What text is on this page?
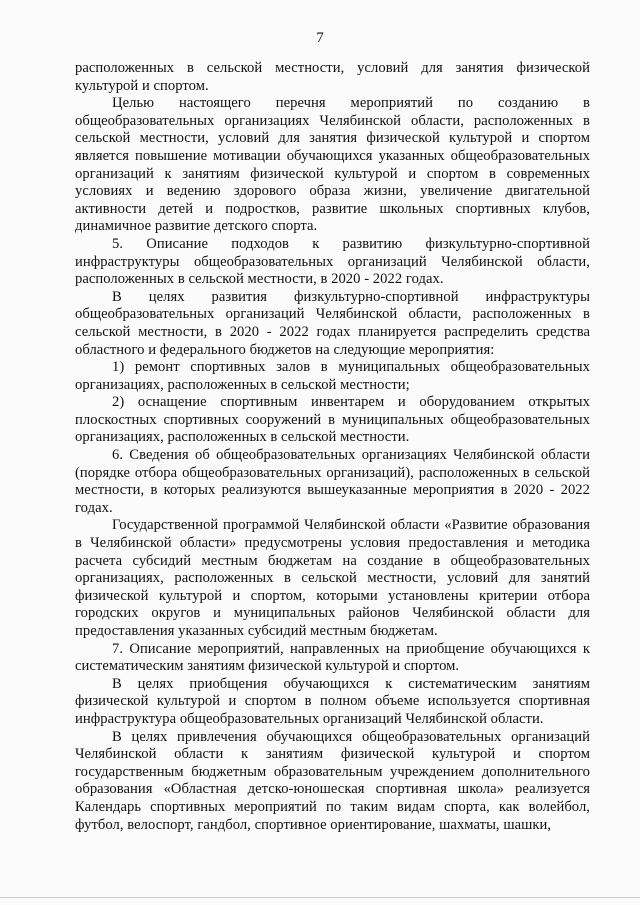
7

расположенных в сельской местности, условий для занятия физической культурой и спортом.

Целью настоящего перечня мероприятий по созданию в общеобразовательных организациях Челябинской области, расположенных в сельской местности, условий для занятия физической культурой и спортом является повышение мотивации обучающихся указанных общеобразовательных организаций к занятиям физической культурой и спортом в современных условиях и ведению здорового образа жизни, увеличение двигательной активности детей и подростков, развитие школьных спортивных клубов, динамичное развитие детского спорта.

5. Описание подходов к развитию физкультурно-спортивной инфраструктуры общеобразовательных организаций Челябинской области, расположенных в сельской местности, в 2020 - 2022 годах.

В целях развития физкультурно-спортивной инфраструктуры общеобразовательных организаций Челябинской области, расположенных в сельской местности, в 2020 - 2022 годах планируется распределить средства областного и федерального бюджетов на следующие мероприятия:

1) ремонт спортивных залов в муниципальных общеобразовательных организациях, расположенных в сельской местности;

2) оснащение спортивным инвентарем и оборудованием открытых плоскостных спортивных сооружений в муниципальных общеобразовательных организациях, расположенных в сельской местности.

6. Сведения об общеобразовательных организациях Челябинской области (порядке отбора общеобразовательных организаций), расположенных в сельской местности, в которых реализуются вышеуказанные мероприятия в 2020 - 2022 годах.

Государственной программой Челябинской области «Развитие образования в Челябинской области» предусмотрены условия предоставления и методика расчета субсидий местным бюджетам на создание в общеобразовательных организациях, расположенных в сельской местности, условий для занятий физической культурой и спортом, которыми установлены критерии отбора городских округов и муниципальных районов Челябинской области для предоставления указанных субсидий местным бюджетам.

7. Описание мероприятий, направленных на приобщение обучающихся к систематическим занятиям физической культурой и спортом.

В целях приобщения обучающихся к систематическим занятиям физической культурой и спортом в полном объеме используется спортивная инфраструктура общеобразовательных организаций Челябинской области.

В целях привлечения обучающихся общеобразовательных организаций Челябинской области к занятиям физической культурой и спортом государственным бюджетным образовательным учреждением дополнительного образования «Областная детско-юношеская спортивная школа» реализуется Календарь спортивных мероприятий по таким видам спорта, как волейбол, футбол, велоспорт, гандбол, спортивное ориентирование, шахматы, шашки,
